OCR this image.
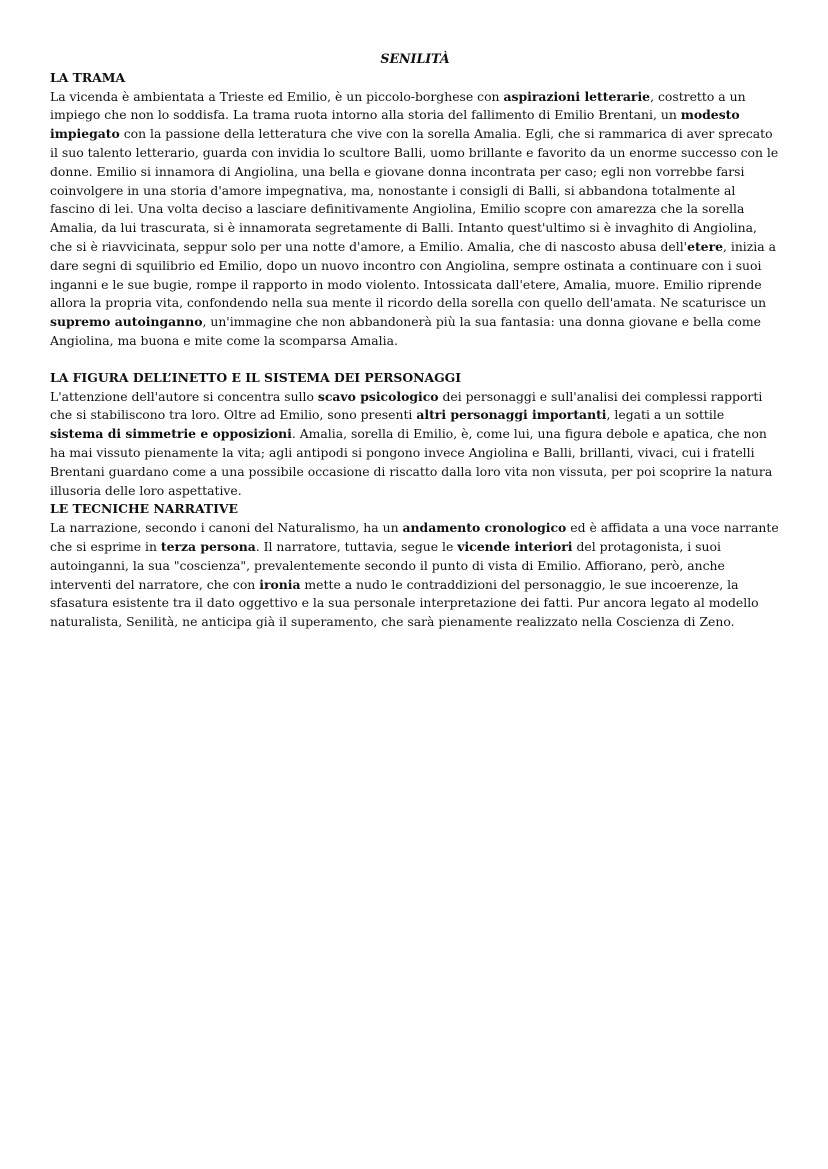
SENILITÀ

LA TRAMA

La vicenda è ambientata a Trieste ed Emilio, è un piccolo-borghese con aspirazioni letterarie, costretto a un impiego che non lo soddisfa. La trama ruota intorno alla storia del fallimento di Emilio Brentani, un modesto impiegato con la passione della letteratura che vive con la sorella Amalia. Egli, che si rammarica di aver sprecato il suo talento letterario, guarda con invidia lo scultore Balli, uomo brillante e favorito da un enorme successo con le donne. Emilio si innamora di Angiolina, una bella e giovane donna incontrata per caso; egli non vorrebbe farsi coinvolgere in una storia d'amore impegnativa, ma, nonostante i consigli di Balli, si abbandona totalmente al fascino di lei. Una volta deciso a lasciare definitivamente Angiolina, Emilio scopre con amarezza che la sorella Amalia, da lui trascurata, si è innamorata segretamente di Balli. Intanto quest'ultimo si è invaghito di Angiolina, che si è riavvicinata, seppur solo per una notte d'amore, a Emilio. Amalia, che di nascosto abusa dell'etere, inizia a dare segni di squilibrio ed Emilio, dopo un nuovo incontro con Angiolina, sempre ostinata a continuare con i suoi inganni e le sue bugie, rompe il rapporto in modo violento. Intossicata dall'etere, Amalia, muore. Emilio riprende allora la propria vita, confondendo nella sua mente il ricordo della sorella con quello dell'amata. Ne scaturisce un supremo autoinganno, un'immagine che non abbandonerà più la sua fantasia: una donna giovane e bella come Angiolina, ma buona e mite come la scomparsa Amalia.

LA FIGURA DELL’INETTO E IL SISTEMA DEI PERSONAGGI

L'attenzione dell'autore si concentra sullo scavo psicologico dei personaggi e sull'analisi dei complessi rapporti che si stabiliscono tra loro. Oltre ad Emilio, sono presenti altri personaggi importanti, legati a un sottile sistema di simmetrie e opposizioni. Amalia, sorella di Emilio, è, come lui, una figura debole e apatica, che non ha mai vissuto pienamente la vita; agli antipodi si pongono invece Angiolina e Balli, brillanti, vivaci, cui i fratelli Brentani guardano come a una possibile occasione di riscatto dalla loro vita non vissuta, per poi scoprire la natura illusoria delle loro aspettative.

LE TECNICHE NARRATIVE

La narrazione, secondo i canoni del Naturalismo, ha un andamento cronologico ed è affidata a una voce narrante che si esprime in terza persona. Il narratore, tuttavia, segue le vicende interiori del protagonista, i suoi autoinganni, la sua "coscienza", prevalentemente secondo il punto di vista di Emilio. Affiorano, però, anche interventi del narratore, che con ironia mette a nudo le contraddizioni del personaggio, le sue incoerenze, la sfasatura esistente tra il dato oggettivo e la sua personale interpretazione dei fatti. Pur ancora legato al modello naturalista, Senilità, ne anticipa già il superamento, che sarà pienamente realizzato nella Coscienza di Zeno.
